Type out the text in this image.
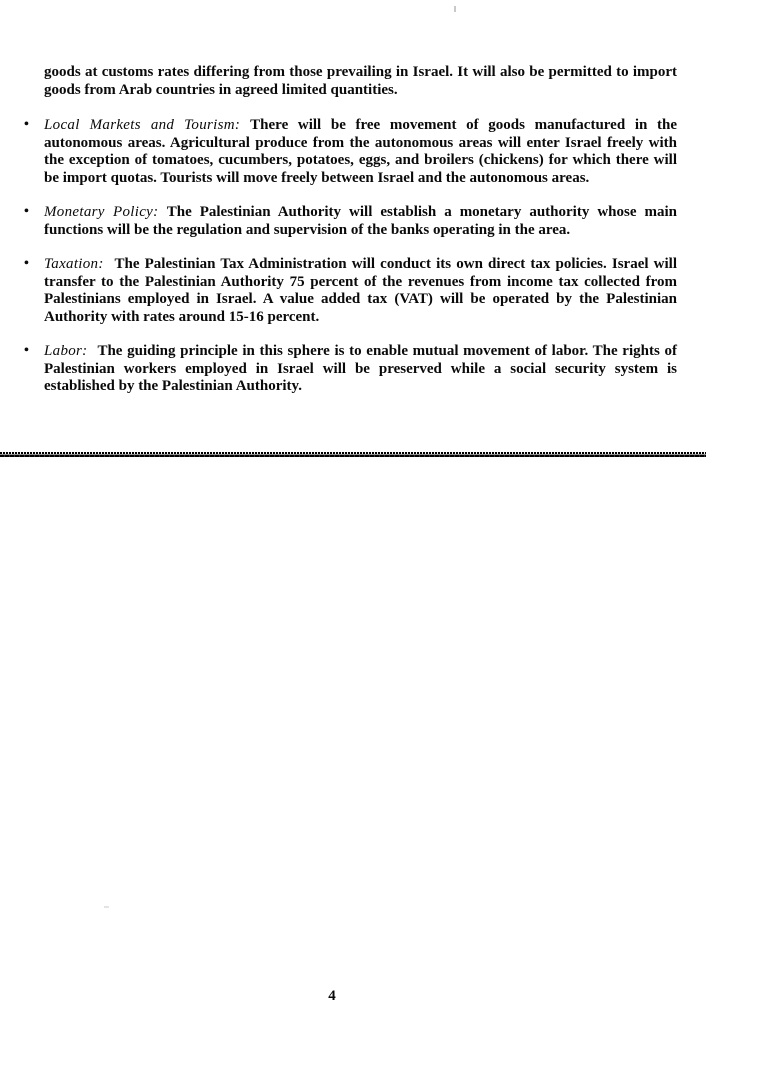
goods at customs rates differing from those prevailing in Israel. It will also be permitted to import goods from Arab countries in agreed limited quantities.

• Local Markets and Tourism: There will be free movement of goods manufactured in the autonomous areas. Agricultural produce from the autonomous areas will enter Israel freely with the exception of tomatoes, cucumbers, potatoes, eggs, and broilers (chickens) for which there will be import quotas. Tourists will move freely between Israel and the autonomous areas.
• Monetary Policy: The Palestinian Authority will establish a monetary authority whose main functions will be the regulation and supervision of the banks operating in the area.
• Taxation: The Palestinian Tax Administration will conduct its own direct tax policies. Israel will transfer to the Palestinian Authority 75 percent of the revenues from income tax collected from Palestinians employed in Israel. A value added tax (VAT) will be operated by the Palestinian Authority with rates around 15-16 percent.
• Labor: The guiding principle in this sphere is to enable mutual movement of labor. The rights of Palestinian workers employed in Israel will be preserved while a social security system is established by the Palestinian Authority.
4
